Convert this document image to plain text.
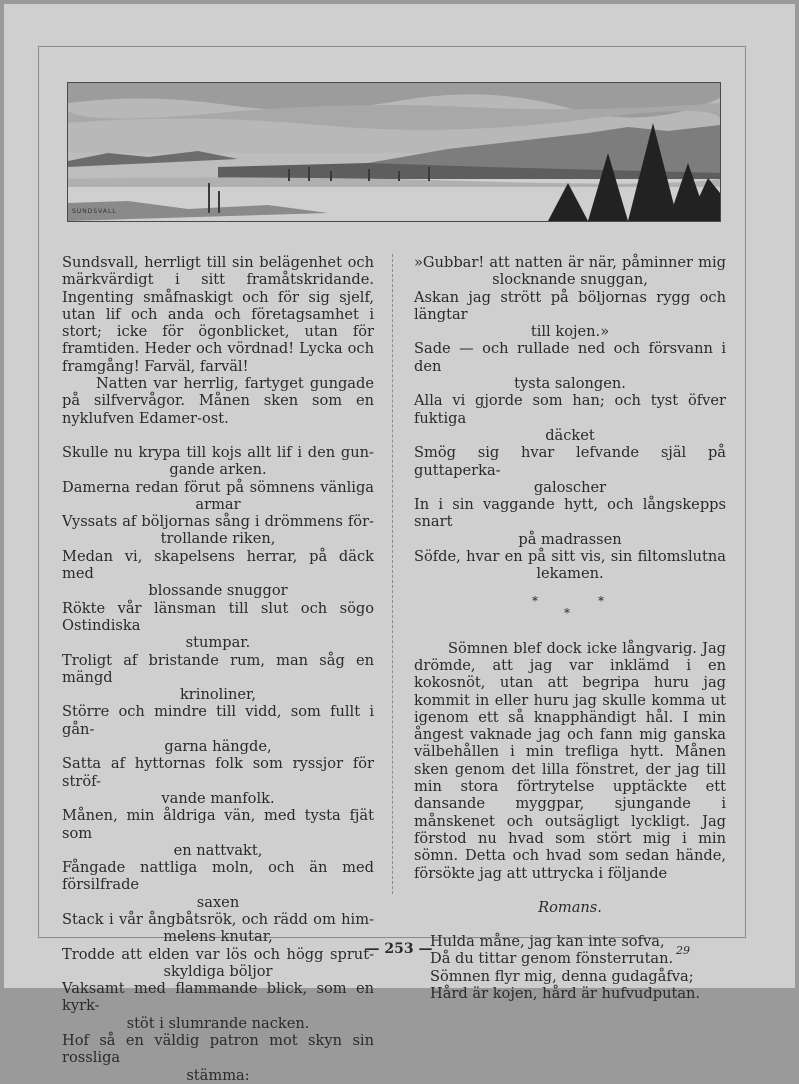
SUNDSVALL

Sundsvall, herrligt till sin belägenhet och märkvärdigt i sitt framåtskridande. Ingenting småfnaskigt och för sig sjelf, utan lif och anda och företagsamhet i stort; icke för ögonblicket, utan för framtiden. Heder och vördnad! Lycka och framgång! Farväl, farväl!

Natten var herrlig, fartyget gungade på silfvervågor. Månen sken som en nyklufven Edamer-ost.

Skulle nu krypa till kojs allt lif i den gun-
gande arken.
Damerna redan förut på sömnens vänliga
armar
Vyssats af böljornas sång i drömmens för-
trollande riken,
Medan vi, skapelsens herrar, på däck med
blossande snuggor
Rökte vår länsman till slut och sögo Ostindiska
stumpar.
Troligt af bristande rum, man såg en mängd
krinoliner,
Större och mindre till vidd, som fullt i gån-
garna hängde,
Satta af hyttornas folk som ryssjor för ströf-
vande manfolk.
Månen, min åldriga vän, med tysta fjät som
en nattvakt,
Fångade nattliga moln, och än med försilfrade
saxen
Stack i vår ångbåtsrök, och rädd om him-
melens knutar,
Trodde att elden var lös och högg sprut-
skyldiga böljor
Vaksamt med flammande blick, som en kyrk-
stöt i slumrande nacken.
Hof så en väldig patron mot skyn sin rossliga
stämma:
»Gubbar! att natten är när, påminner mig
slocknande snuggan,
Askan jag strött på böljornas rygg och längtar
till kojen.»
Sade — och rullade ned och försvann i den
tysta salongen.
Alla vi gjorde som han; och tyst öfver fuktiga
däcket
Smög sig hvar lefvande själ på guttaperka-
galoscher
In i sin vaggande hytt, och långskepps snart
på madrassen
Söfde, hvar en på sitt vis, sin filtomslutna
lekamen.
*
*
*

Sömnen blef dock icke långvarig. Jag drömde, att jag var inklämd i en kokosnöt, utan att begripa huru jag kommit in eller huru jag skulle komma ut igenom ett så knapphändigt hål. I min ångest vaknade jag och fann mig ganska välbehållen i min trefliga hytt. Månen sken genom det lilla fönstret, der jag till min stora förtrytelse upptäckte ett dansande myggpar, sjungande i månskenet och outsägligt lyckligt. Jag förstod nu hvad som stört mig i min sömn. Detta och hvad som sedan hände, försökte jag att uttrycka i följande

Romans.

Hulda måne, jag kan inte sofva,

Då du tittar genom fönsterrutan.

Sömnen flyr mig, denna gudagåfva;

Hård är kojen, hård är hufvudputan.

— 253 —	29
